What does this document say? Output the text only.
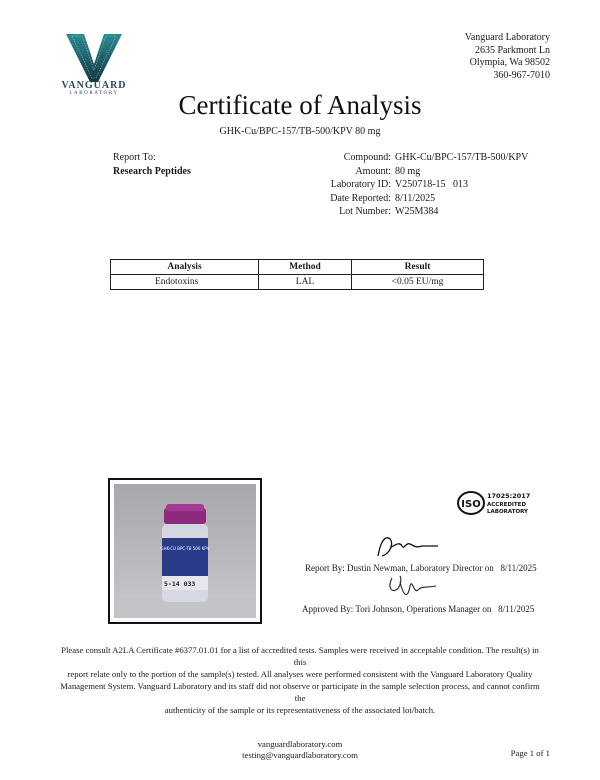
VANGUARD
LABORATORY
Vanguard Laboratory
2635 Parkmont Ln
Olympia, Wa 98502
360-967-7010
Certificate of Analysis
GHK-Cu/BPC-157/TB-500/KPV 80 mg
Report To:
Research Peptides
Compound: GHK-Cu/BPC-157/TB-500/KPV
Amount: 80 mg
Laboratory ID: V250718-15   013
Date Reported: 8/11/2025
Lot Number: W25M384
Analysis	Method	Result
Endotoxins	LAL	<0.05 EU/mg
GHK-CU BPC-TB 500 KPV
5-14 033
ISO
17025:2017
ACCREDITED
LABORATORY
Report By: Dustin Newman, Laboratory Director on   8/11/2025
Approved By: Tori Johnson, Operations Manager on   8/11/2025
Please consult A2LA Certificate #6377.01.01 for a list of accredited tests. Samples were received in acceptable condition. The result(s) in this
report relate only to the portion of the sample(s) tested. All analyses were performed consistent with the Vanguard Laboratory Quality
Management System. Vanguard Laboratory and its staff did not observe or participate in the sample selection process, and cannot confirm the
authenticity of the sample or its representativeness of the associated lot/batch.
vanguardlaboratory.com
testing@vanguardlaboratory.com	Page 1 of 1
